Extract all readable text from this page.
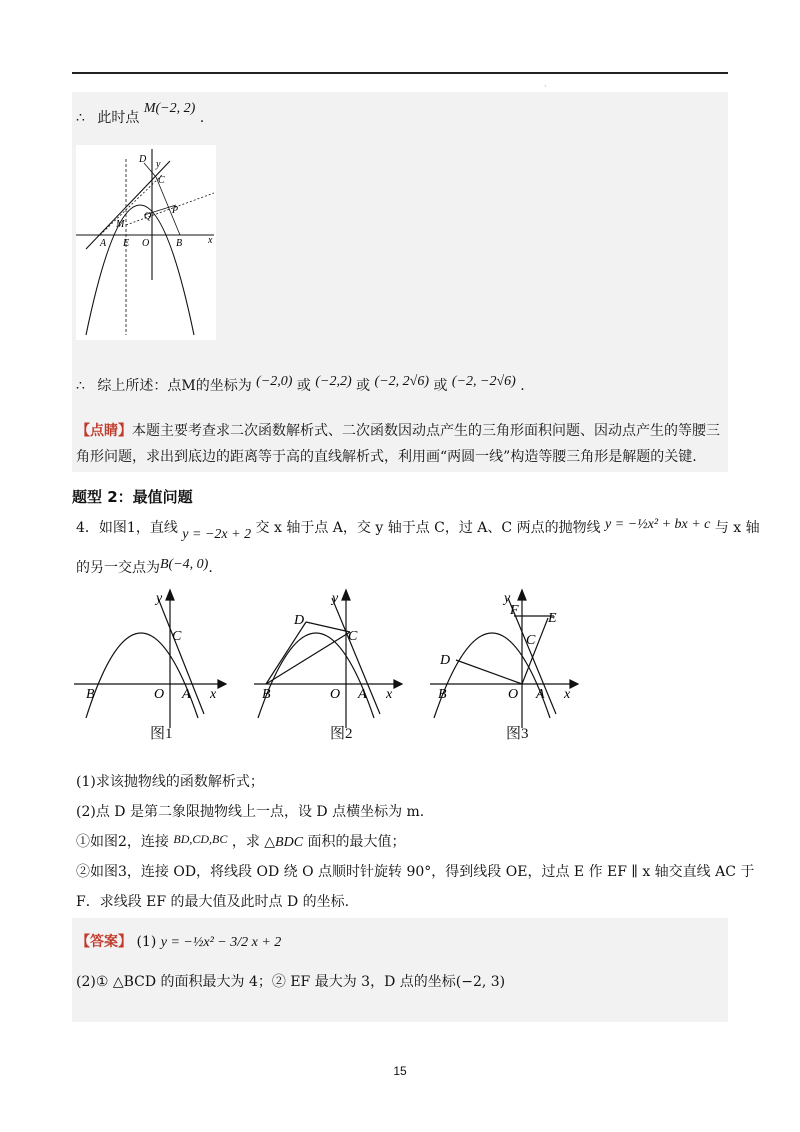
·
∴ 此时点 M(−2, 2) .
D y
C
Q
P
M
A E O	B	x
∴ 综上所述：点M的坐标为 (−2,0) 或 (−2,2) 或 (−2, 2√6) 或 (−2, −2√6) .
【点睛】本题主要考查求二次函数解析式、二次函数因动点产生的三角形面积问题、因动点产生的等腰三角形问题，求出到底边的距离等于高的直线解析式，利用画“两圆一线”构造等腰三角形是解题的关键.
题型 2：最值问题
4．如图1，直线 y = −2x + 2 交 x 轴于点 A，交 y 轴于点 C，过 A、C 两点的抛物线 y = −½x² + bx + c 与 x 轴
的另一交点为B(−4, 0).
y
C
B	O A x
y
D
C
B	O A x
y
F
E
C
D
B	O A x
图1	图2	图3
(1)求该抛物线的函数解析式；
(2)点 D 是第二象限抛物线上一点，设 D 点横坐标为 m.
①如图2，连接 BD,CD,BC ，求 △BDC 面积的最大值；
②如图3，连接 OD，将线段 OD 绕 O 点顺时针旋转 90°，得到线段 OE，过点 E 作 EF ∥ x 轴交直线 AC 于
F．求线段 EF 的最大值及此时点 D 的坐标.
【答案】 (1) y = −½x² − 3/2 x + 2
(2)① △BCD 的面积最大为 4；② EF 最大为 3，D 点的坐标(−2, 3)
15
